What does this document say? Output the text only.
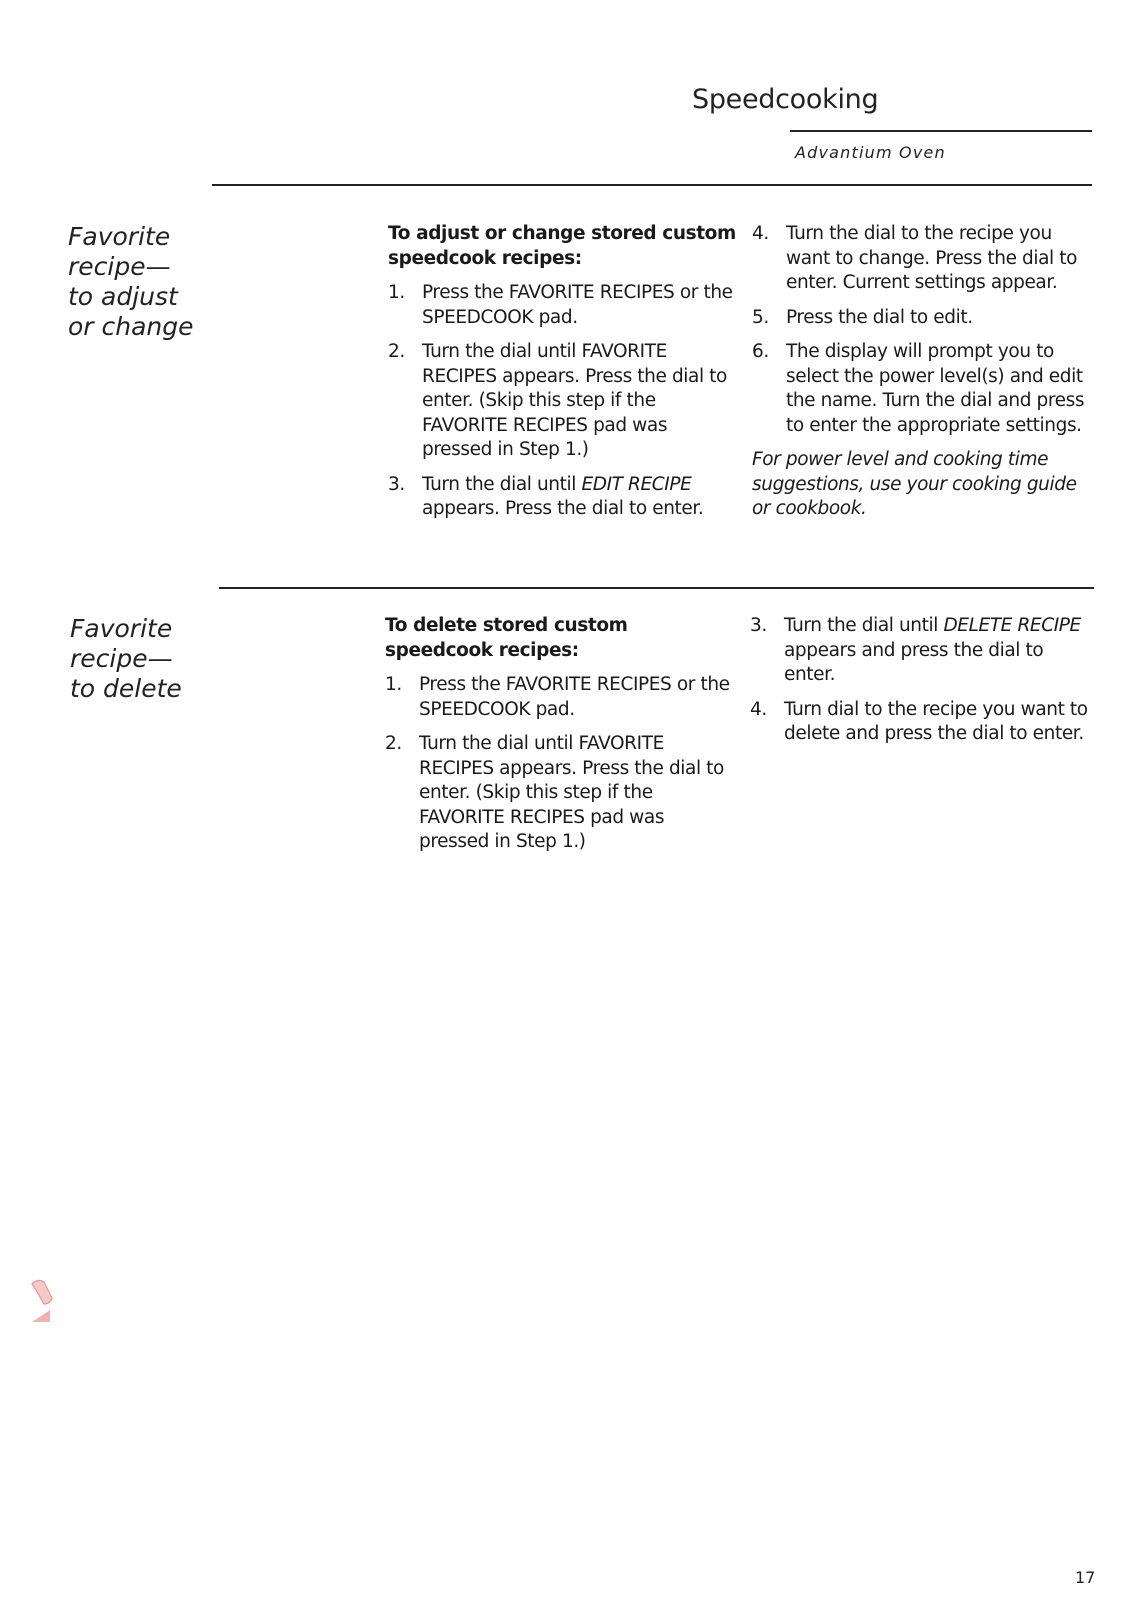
Speedcooking
Advantium Oven
Favorite
recipe—
to adjust
or change
To adjust or change stored custom speedcook recipes:
1. Press the FAVORITE RECIPES or the SPEEDCOOK pad.
2. Turn the dial until FAVORITE RECIPES appears. Press the dial to enter. (Skip this step if the FAVORITE RECIPES pad was pressed in Step 1.)
3. Turn the dial until EDIT RECIPE appears. Press the dial to enter.
4. Turn the dial to the recipe you want to change. Press the dial to enter. Current settings appear.
5. Press the dial to edit.
6. The display will prompt you to select the power level(s) and edit the name. Turn the dial and press to enter the appropriate settings.
For power level and cooking time suggestions, use your cooking guide or cookbook.
Favorite
recipe—
to delete
To delete stored custom speedcook recipes:
1. Press the FAVORITE RECIPES or the SPEEDCOOK pad.
2. Turn the dial until FAVORITE RECIPES appears. Press the dial to enter. (Skip this step if the FAVORITE RECIPES pad was pressed in Step 1.)
3. Turn the dial until DELETE RECIPE appears and press the dial to enter.
4. Turn dial to the recipe you want to delete and press the dial to enter.
17
